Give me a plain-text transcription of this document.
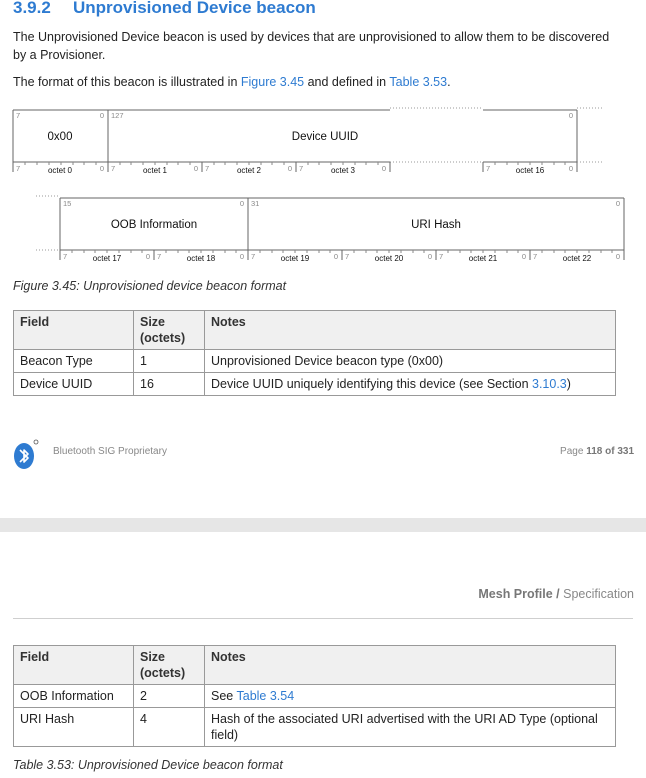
3.9.2 Unprovisioned Device beacon
The Unprovisioned Device beacon is used by devices that are unprovisioned to allow them to be discovered by a Provisioner.
The format of this beacon is illustrated in Figure 3.45 and defined in Table 3.53.
7	0 127	0
0x00	Device UUID
7	0 7	0 7	0 7	0	7	0
octet 0	octet 1	octet 2	octet 3	octet 16
15	0 31	0
OOB Information	URI Hash
7	0 7	0 7	0 7	0 7	0 7	0
octet 17	octet 18	octet 19	octet 20	octet 21	octet 22
Figure 3.45: Unprovisioned device beacon format
Field	Size (octets)	Notes
Beacon Type	1	Unprovisioned Device beacon type (0x00)
Device UUID	16	Device UUID uniquely identifying this device (see Section 3.10.3)
Bluetooth SIG Proprietary	Page 118 of 331
Mesh Profile / Specification
Field	Size (octets)	Notes
OOB Information	2	See Table 3.54
URI Hash	4	Hash of the associated URI advertised with the URI AD Type (optional field)
Table 3.53: Unprovisioned Device beacon format
